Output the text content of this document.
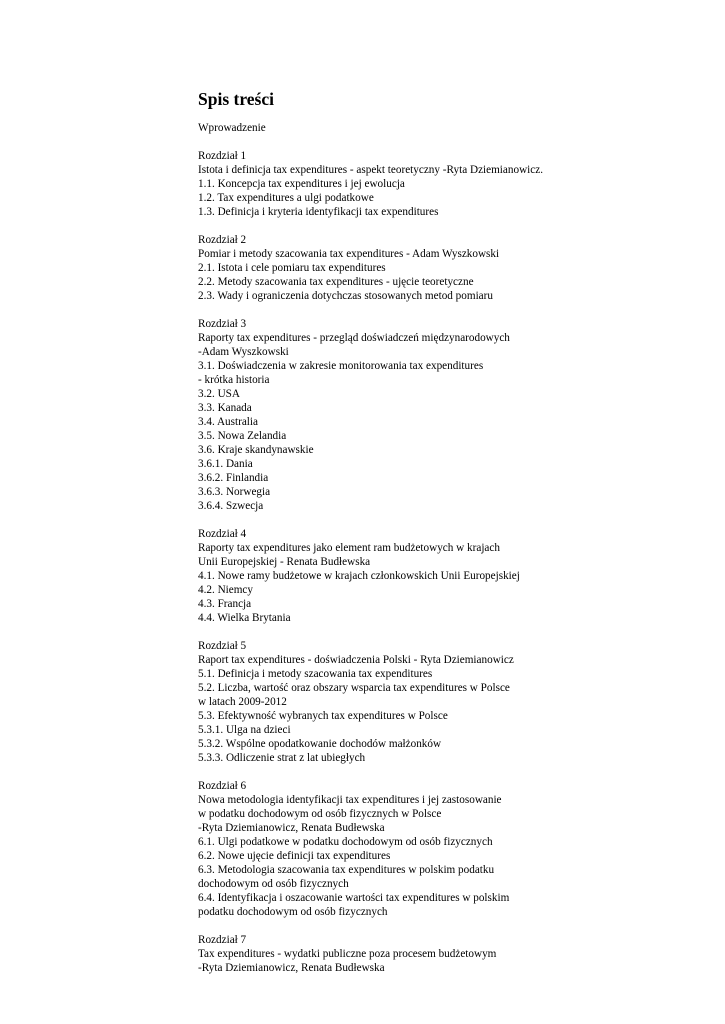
Spis treści
Wprowadzenie
Rozdział 1
Istota i definicja tax expenditures - aspekt teoretyczny -Ryta Dziemianowicz.
1.1. Koncepcja tax expenditures i jej ewolucja
1.2. Tax expenditures a ulgi podatkowe
1.3. Definicja i kryteria identyfikacji tax expenditures
Rozdział 2
Pomiar i metody szacowania tax expenditures - Adam Wyszkowski
2.1. Istota i cele pomiaru tax expenditures
2.2. Metody szacowania tax expenditures - ujęcie teoretyczne
2.3. Wady i ograniczenia dotychczas stosowanych metod pomiaru
Rozdział 3
Raporty tax expenditures - przegląd doświadczeń międzynarodowych
-Adam Wyszkowski
3.1. Doświadczenia w zakresie monitorowania tax expenditures
- krótka historia
3.2. USA
3.3. Kanada
3.4. Australia
3.5. Nowa Zelandia
3.6. Kraje skandynawskie
3.6.1. Dania
3.6.2. Finlandia
3.6.3. Norwegia
3.6.4. Szwecja
Rozdział 4
Raporty tax expenditures jako element ram budżetowych w krajach
Unii Europejskiej - Renata Budłewska
4.1. Nowe ramy budżetowe w krajach członkowskich Unii Europejskiej
4.2. Niemcy
4.3. Francja
4.4. Wielka Brytania
Rozdział 5
Raport tax expenditures - doświadczenia Polski - Ryta Dziemianowicz
5.1. Definicja i metody szacowania tax expenditures
5.2. Liczba, wartość oraz obszary wsparcia tax expenditures w Polsce
w latach 2009-2012
5.3. Efektywność wybranych tax expenditures w Polsce
5.3.1. Ulga na dzieci
5.3.2. Wspólne opodatkowanie dochodów małżonków
5.3.3. Odliczenie strat z lat ubiegłych
Rozdział 6
Nowa metodologia identyfikacji tax expenditures i jej zastosowanie
w podatku dochodowym od osób fizycznych w Polsce
-Ryta Dziemianowicz, Renata Budłewska
6.1. Ulgi podatkowe w podatku dochodowym od osób fizycznych
6.2. Nowe ujęcie definicji tax expenditures
6.3. Metodologia szacowania tax expenditures w polskim podatku
dochodowym od osób fizycznych
6.4. Identyfikacja i oszacowanie wartości tax expenditures w polskim
podatku dochodowym od osób fizycznych
Rozdział 7
Tax expenditures - wydatki publiczne poza procesem budżetowym
-Ryta Dziemianowicz, Renata Budłewska
